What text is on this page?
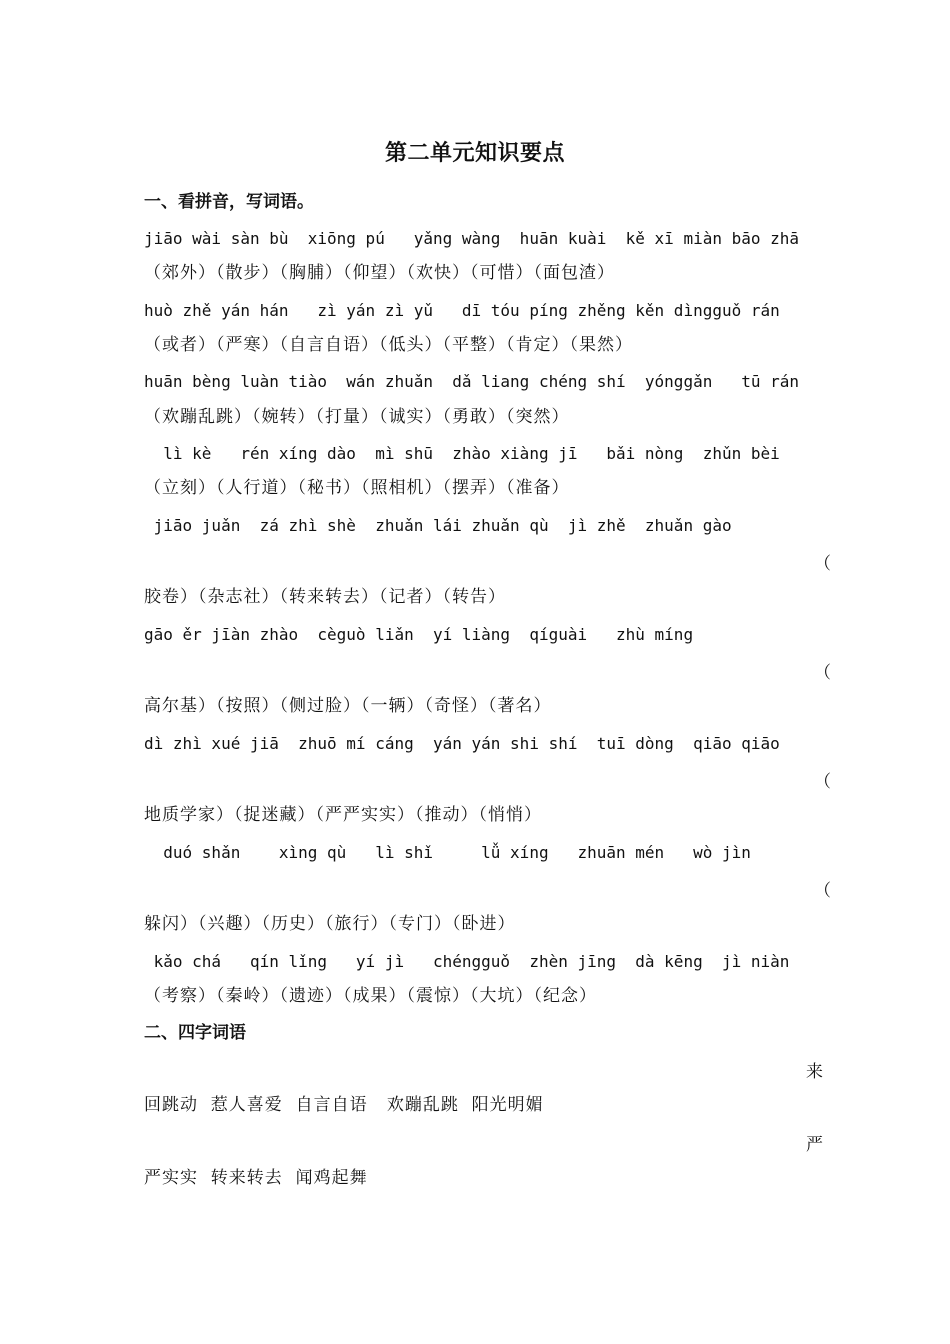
第二单元知识要点
一、看拼音，写词语。
jiāo wài sàn bù  xiōng pú   yǎng wàng  huān kuài  kě xī miàn bāo zhā
（郊外）（散步）（胸脯）（仰望）（欢快）（可惜）（面包渣）
huò zhě yán hán   zì yán zì yǔ   dī tóu píng zhěng kěn dìngguǒ rán
（或者）（严寒）（自言自语）（低头）（平整）（肯定）（果然）
huān bèng luàn tiào  wán zhuǎn  dǎ liang chéng shí  yónggǎn   tū rán
（欢蹦乱跳）（婉转）（打量）（诚实）（勇敢）（突然）
lì kè   rén xíng dào  mì shū  zhào xiàng jī   bǎi nòng  zhǔn bèi
（立刻）（人行道）（秘书）（照相机）（摆弄）（准备）
jiāo juǎn  zá zhì shè  zhuǎn lái zhuǎn qù  jì zhě  zhuǎn gào
（
胶卷）（杂志社）（转来转去）（记者）（转告）
gāo ěr jīàn zhào  cèguò liǎn  yí liàng  qíguài   zhù míng
（
高尔基）（按照）（侧过脸）（一辆）（奇怪）（著名）
dì zhì xué jiā  zhuō mí cáng  yán yán shi shí  tuī dòng  qiāo qiāo
（
地质学家）（捉迷藏）（严严实实）（推动）（悄悄）
duó shǎn    xìng qù   lì shǐ     lǚ xíng   zhuān mén   wò jìn
（
躲闪）（兴趣）（历史）（旅行）（专门）（卧进）
kǎo chá   qín lǐng   yí jì   chéngguǒ  zhèn jīng  dà kēng  jì niàn
（考察）（秦岭）（遗迹）（成果）（震惊）（大坑）（纪念）
二、四字词语
来
回跳动  惹人喜爱  自言自语   欢蹦乱跳  阳光明媚
严
严实实  转来转去  闻鸡起舞
